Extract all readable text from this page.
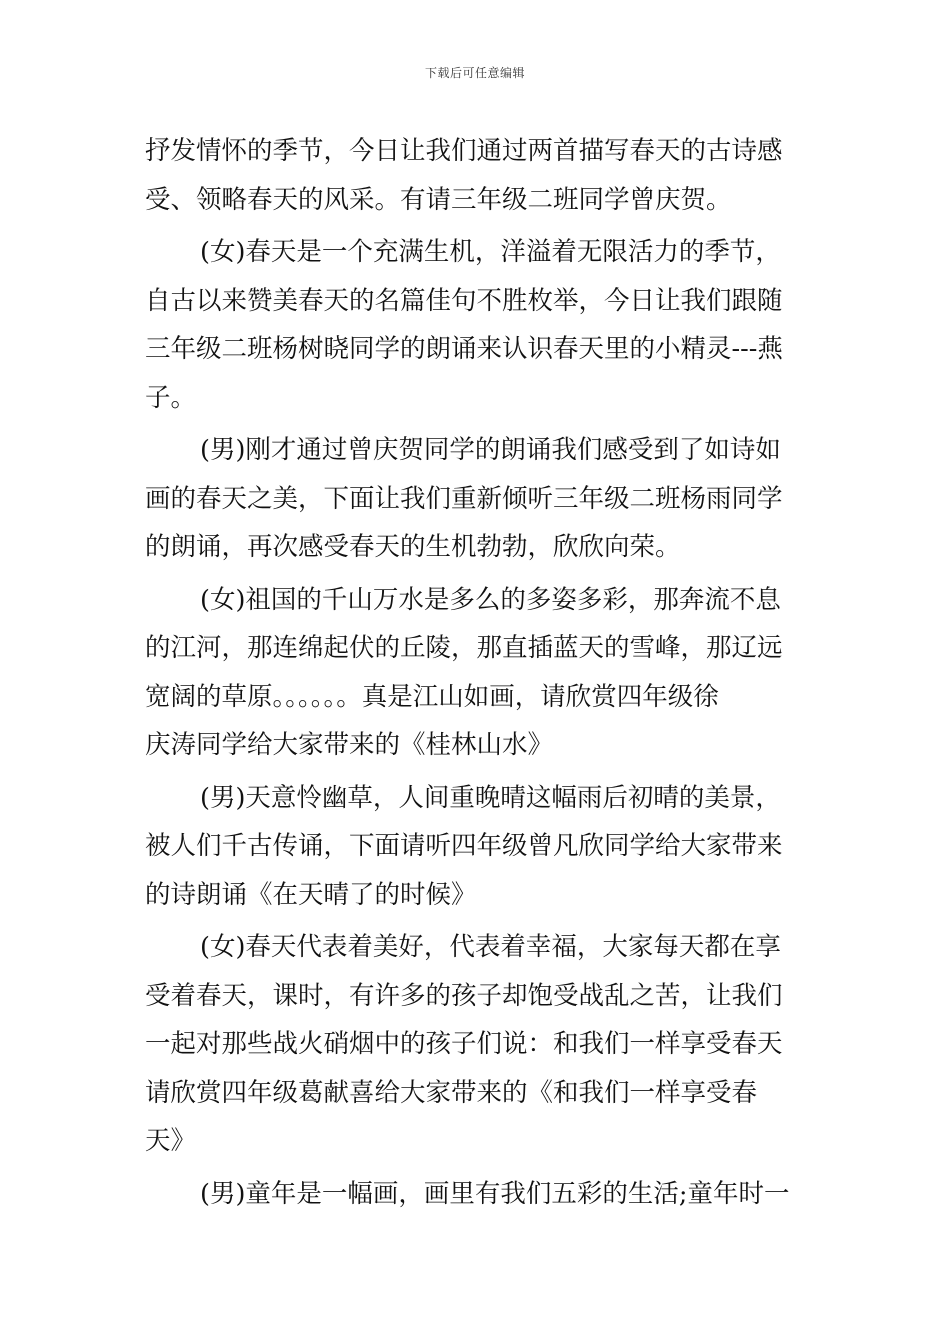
下载后可任意编辑
抒发情怀的季节，今日让我们通过两首描写春天的古诗感
受、领略春天的风采。有请三年级二班同学曾庆贺。
(女)春天是一个充满生机，洋溢着无限活力的季节，
自古以来赞美春天的名篇佳句不胜枚举，今日让我们跟随
三年级二班杨树晓同学的朗诵来认识春天里的小精灵---燕
子。
(男)刚才通过曾庆贺同学的朗诵我们感受到了如诗如
画的春天之美，下面让我们重新倾听三年级二班杨雨同学
的朗诵，再次感受春天的生机勃勃，欣欣向荣。
(女)祖国的千山万水是多么的多姿多彩，那奔流不息
的江河，那连绵起伏的丘陵，那直插蓝天的雪峰，那辽远
宽阔的草原。。。。。。真是江山如画，请欣赏四年级徐
庆涛同学给大家带来的《桂林山水》
(男)天意怜幽草，人间重晚晴这幅雨后初晴的美景，
被人们千古传诵，下面请听四年级曾凡欣同学给大家带来
的诗朗诵《在天晴了的时候》
(女)春天代表着美好，代表着幸福，大家每天都在享
受着春天，课时，有许多的孩子却饱受战乱之苦，让我们
一起对那些战火硝烟中的孩子们说：和我们一样享受春天
请欣赏四年级葛献喜给大家带来的《和我们一样享受春
天》
(男)童年是一幅画，画里有我们五彩的生活;童年时一
